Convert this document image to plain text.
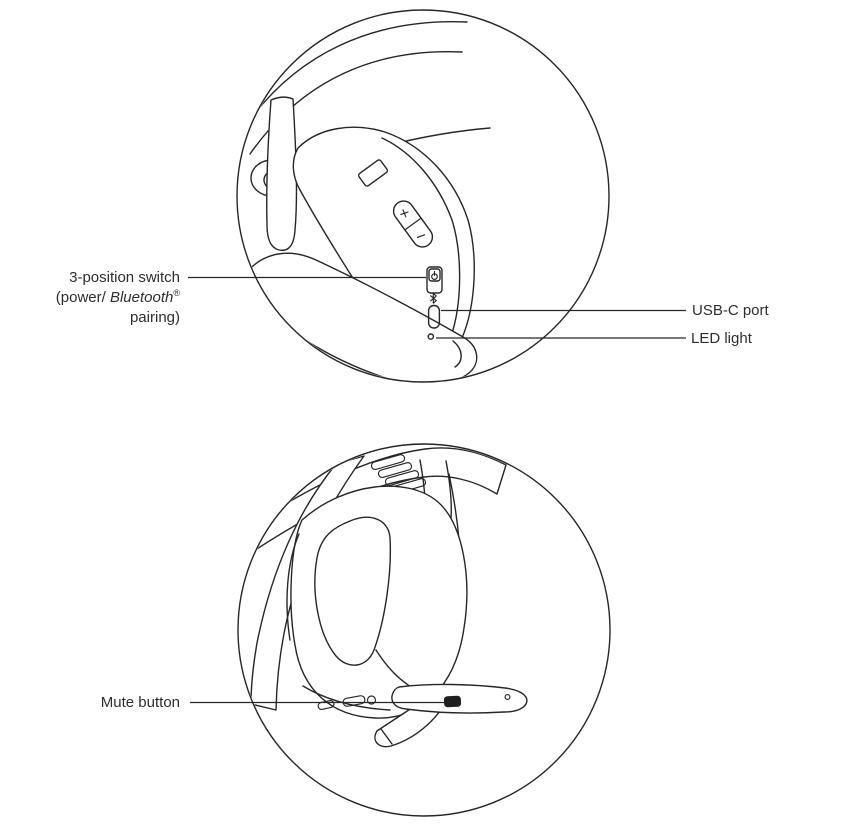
3-position switch
(power/ Bluetooth®
pairing)	USB-C port
LED light
Mute button
